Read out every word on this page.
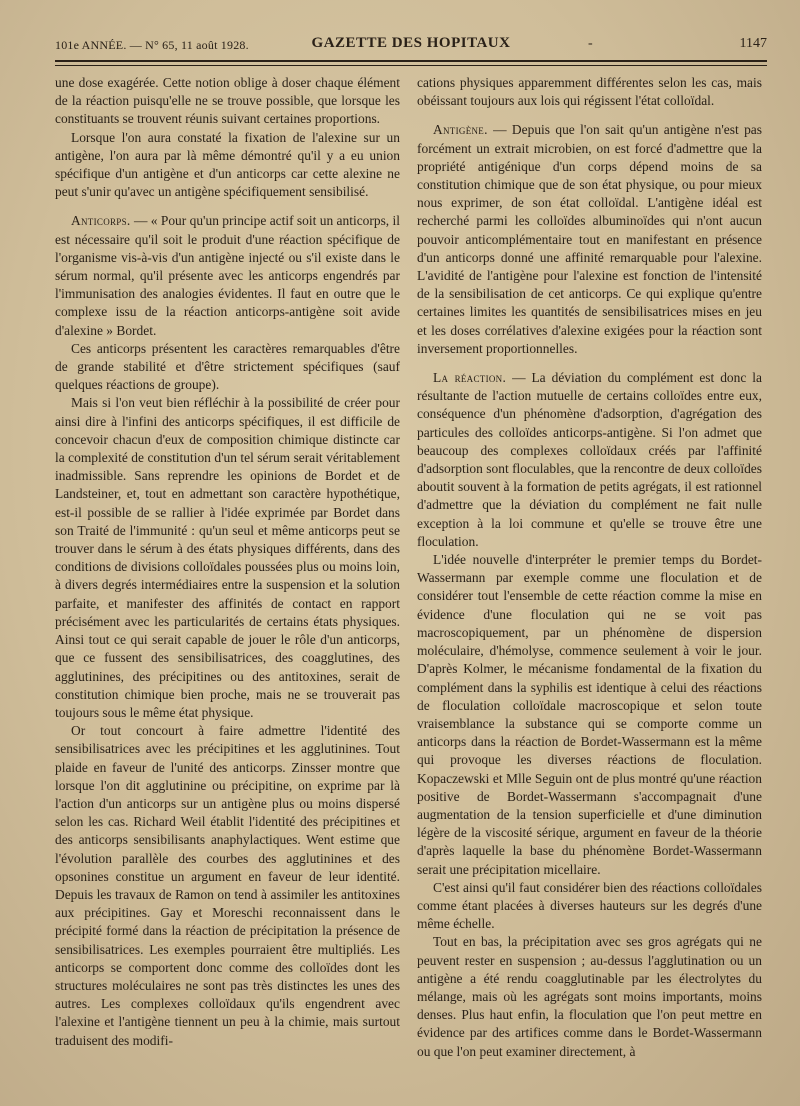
101e ANNÉE. — N° 65, 11 août 1928.	GAZETTE DES HOPITAUX	-	1147

une dose exagérée. Cette notion oblige à doser chaque élément de la réaction puisqu'elle ne se trouve possible, que lorsque les constituants se trouvent réunis suivant certaines proportions.

Lorsque l'on aura constaté la fixation de l'alexine sur un antigène, l'on aura par là même démontré qu'il y a eu union spécifique d'un antigène et d'un anticorps car cette alexine ne peut s'unir qu'avec un antigène spécifiquement sensibilisé.

Anticorps. — « Pour qu'un principe actif soit un anticorps, il est nécessaire qu'il soit le produit d'une réaction spécifique de l'organisme vis-à-vis d'un antigène injecté ou s'il existe dans le sérum normal, qu'il présente avec les anticorps engendrés par l'immunisation des analogies évidentes. Il faut en outre que le complexe issu de la réaction anticorps-antigène soit avide d'alexine » Bordet.

Ces anticorps présentent les caractères remarquables d'être de grande stabilité et d'être strictement spécifiques (sauf quelques réactions de groupe).

Mais si l'on veut bien réfléchir à la possibilité de créer pour ainsi dire à l'infini des anticorps spécifiques, il est difficile de concevoir chacun d'eux de composition chimique distincte car la complexité de constitution d'un tel sérum serait véritablement inadmissible. Sans reprendre les opinions de Bordet et de Landsteiner, et, tout en admettant son caractère hypothétique, est-il possible de se rallier à l'idée exprimée par Bordet dans son Traité de l'immunité : qu'un seul et même anticorps peut se trouver dans le sérum à des états physiques différents, dans des conditions de divisions colloïdales poussées plus ou moins loin, à divers degrés intermédiaires entre la suspension et la solution parfaite, et manifester des affinités de contact en rapport précisément avec les particularités de certains états physiques. Ainsi tout ce qui serait capable de jouer le rôle d'un anticorps, que ce fussent des sensibilisatrices, des coagglutines, des agglutinines, des précipitines ou des antitoxines, serait de constitution chimique bien proche, mais ne se trouverait pas toujours sous le même état physique.

Or tout concourt à faire admettre l'identité des sensibilisatrices avec les précipitines et les agglutinines. Tout plaide en faveur de l'unité des anticorps. Zinsser montre que lorsque l'on dit agglutinine ou précipitine, on exprime par là l'action d'un anticorps sur un antigène plus ou moins dispersé selon les cas. Richard Weil établit l'identité des précipitines et des anticorps sensibilisants anaphylactiques. Went estime que l'évolution parallèle des courbes des agglutinines et des opsonines constitue un argument en faveur de leur identité. Depuis les travaux de Ramon on tend à assimiler les antitoxines aux précipitines. Gay et Moreschi reconnaissent dans le précipité formé dans la réaction de précipitation la présence de sensibilisatrices. Les exemples pourraient être multipliés. Les anticorps se comportent donc comme des colloïdes dont les structures moléculaires ne sont pas très distinctes les unes des autres. Les complexes colloïdaux qu'ils engendrent avec l'alexine et l'antigène tiennent un peu à la chimie, mais surtout traduisent des modifi-

cations physiques apparemment différentes selon les cas, mais obéissant toujours aux lois qui régissent l'état colloïdal.

Antigène. — Depuis que l'on sait qu'un antigène n'est pas forcément un extrait microbien, on est forcé d'admettre que la propriété antigénique d'un corps dépend moins de sa constitution chimique que de son état physique, ou pour mieux nous exprimer, de son état colloïdal. L'antigène idéal est recherché parmi les colloïdes albuminoïdes qui n'ont aucun pouvoir anticomplémentaire tout en manifestant en présence d'un anticorps donné une affinité remarquable pour l'alexine. L'avidité de l'antigène pour l'alexine est fonction de l'intensité de la sensibilisation de cet anticorps. Ce qui explique qu'entre certaines limites les quantités de sensibilisatrices mises en jeu et les doses corrélatives d'alexine exigées pour la réaction sont inversement proportionnelles.

La réaction. — La déviation du complément est donc la résultante de l'action mutuelle de certains colloïdes entre eux, conséquence d'un phénomène d'adsorption, d'agrégation des particules des colloïdes anticorps-antigène. Si l'on admet que beaucoup des complexes colloïdaux créés par l'affinité d'adsorption sont floculables, que la rencontre de deux colloïdes aboutit souvent à la formation de petits agrégats, il est rationnel d'admettre que la déviation du complément ne fait nulle exception à la loi commune et qu'elle se trouve être une floculation.

L'idée nouvelle d'interpréter le premier temps du Bordet-Wassermann par exemple comme une floculation et de considérer tout l'ensemble de cette réaction comme la mise en évidence d'une floculation qui ne se voit pas macroscopiquement, par un phénomène de dispersion moléculaire, d'hémolyse, commence seulement à voir le jour. D'après Kolmer, le mécanisme fondamental de la fixation du complément dans la syphilis est identique à celui des réactions de floculation colloïdale macroscopique et selon toute vraisemblance la substance qui se comporte comme un anticorps dans la réaction de Bordet-Wassermann est la même qui provoque les diverses réactions de floculation. Kopaczewski et Mlle Seguin ont de plus montré qu'une réaction positive de Bordet-Wassermann s'accompagnait d'une augmentation de la tension superficielle et d'une diminution légère de la viscosité sérique, argument en faveur de la théorie d'après laquelle la base du phénomène Bordet-Wassermann serait une précipitation micellaire.

C'est ainsi qu'il faut considérer bien des réactions colloïdales comme étant placées à diverses hauteurs sur les degrés d'une même échelle.

Tout en bas, la précipitation avec ses gros agrégats qui ne peuvent rester en suspension ; au-dessus l'agglutination ou un antigène a été rendu coagglutinable par les électrolytes du mélange, mais où les agrégats sont moins importants, moins denses. Plus haut enfin, la floculation que l'on peut mettre en évidence par des artifices comme dans le Bordet-Wassermann ou que l'on peut examiner directement, à
